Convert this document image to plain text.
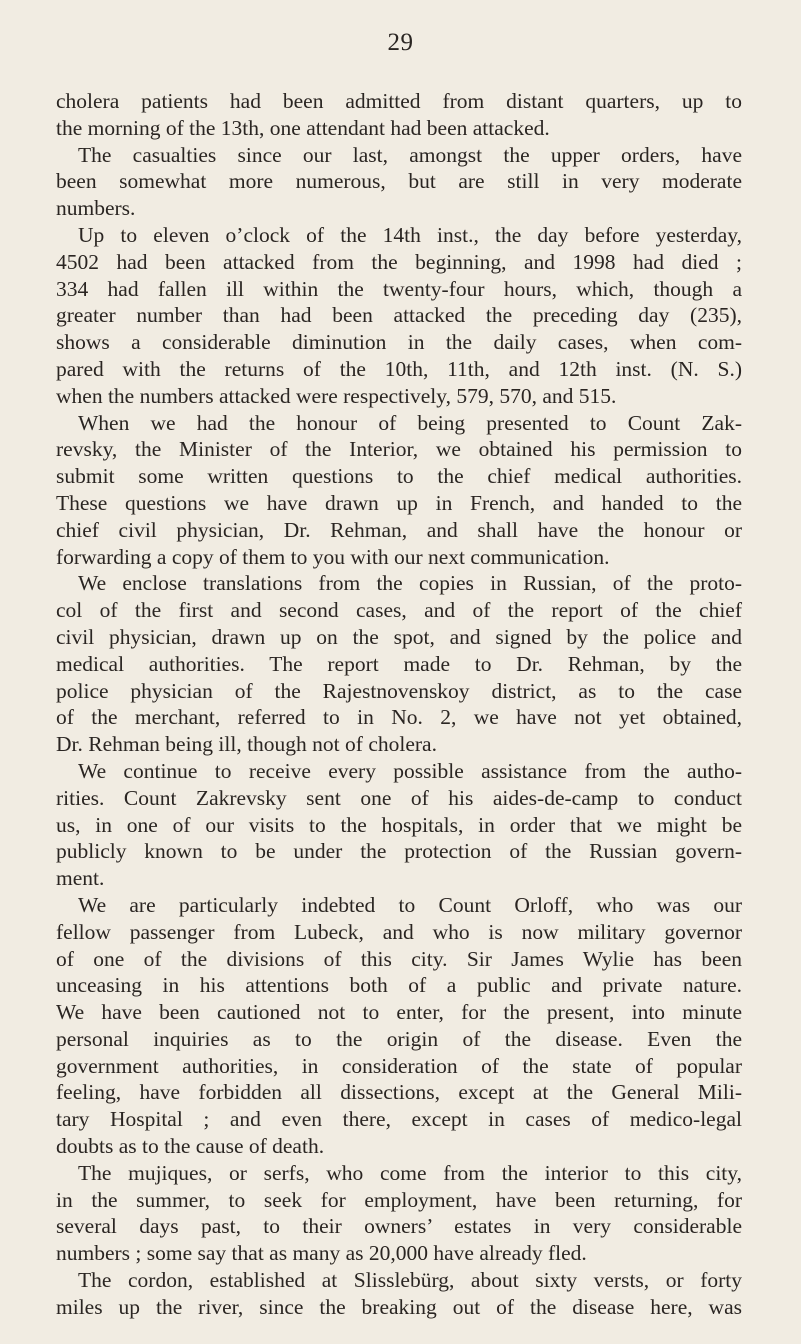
29
cholera patients had been admitted from distant quarters, up to
the morning of the 13th, one attendant had been attacked.
The casualties since our last, amongst the upper orders, have
been somewhat more numerous, but are still in very moderate
numbers.
Up to eleven o’clock of the 14th inst., the day before yesterday,
4502 had been attacked from the beginning, and 1998 had died ;
334 had fallen ill within the twenty-four hours, which, though a
greater number than had been attacked the preceding day (235),
shows a considerable diminution in the daily cases, when com-
pared with the returns of the 10th, 11th, and 12th inst. (N. S.)
when the numbers attacked were respectively, 579, 570, and 515.
When we had the honour of being presented to Count Zak-
revsky, the Minister of the Interior, we obtained his permission to
submit some written questions to the chief medical authorities.
These questions we have drawn up in French, and handed to the
chief civil physician, Dr. Rehman, and shall have the honour or
forwarding a copy of them to you with our next communication.
We enclose translations from the copies in Russian, of the proto-
col of the first and second cases, and of the report of the chief
civil physician, drawn up on the spot, and signed by the police and
medical authorities. The report made to Dr. Rehman, by the
police physician of the Rajestnovenskoy district, as to the case
of the merchant, referred to in No. 2, we have not yet obtained,
Dr. Rehman being ill, though not of cholera.
We continue to receive every possible assistance from the autho-
rities. Count Zakrevsky sent one of his aides-de-camp to conduct
us, in one of our visits to the hospitals, in order that we might be
publicly known to be under the protection of the Russian govern-
ment.
We are particularly indebted to Count Orloff, who was our
fellow passenger from Lubeck, and who is now military governor
of one of the divisions of this city. Sir James Wylie has been
unceasing in his attentions both of a public and private nature.
We have been cautioned not to enter, for the present, into minute
personal inquiries as to the origin of the disease. Even the
government authorities, in consideration of the state of popular
feeling, have forbidden all dissections, except at the General Mili-
tary Hospital ; and even there, except in cases of medico-legal
doubts as to the cause of death.
The mujiques, or serfs, who come from the interior to this city,
in the summer, to seek for employment, have been returning, for
several days past, to their owners’ estates in very considerable
numbers ; some say that as many as 20,000 have already fled.
The cordon, established at Slisslebürg, about sixty versts, or forty
miles up the river, since the breaking out of the disease here, was
